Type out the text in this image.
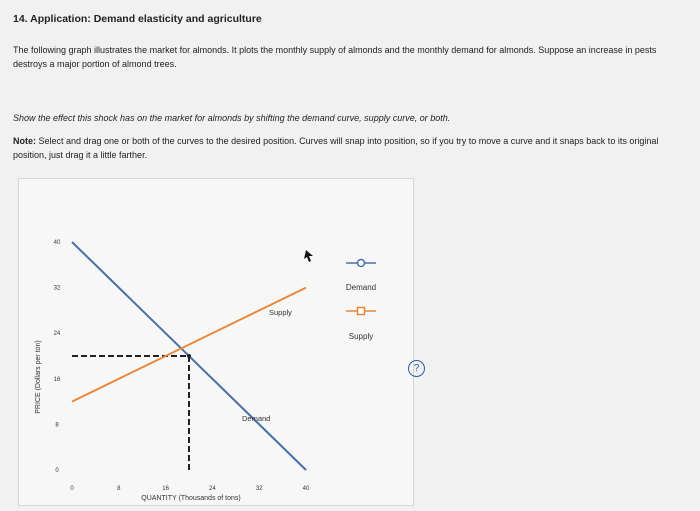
14. Application: Demand elasticity and agriculture
The following graph illustrates the market for almonds. It plots the monthly supply of almonds and the monthly demand for almonds. Suppose an increase in pests destroys a major portion of almond trees.
Show the effect this shock has on the market for almonds by shifting the demand curve, supply curve, or both.
Note: Select and drag one or both of the curves to the desired position. Curves will snap into position, so if you try to move a curve and it snaps back to its original position, just drag it a little farther.
?
0
8
16
24
32
40
0	8	16	24	32	40
PRICE (Dollars per ton)
QUANTITY (Thousands of tons)
Supply
Demand
Demand
Supply
